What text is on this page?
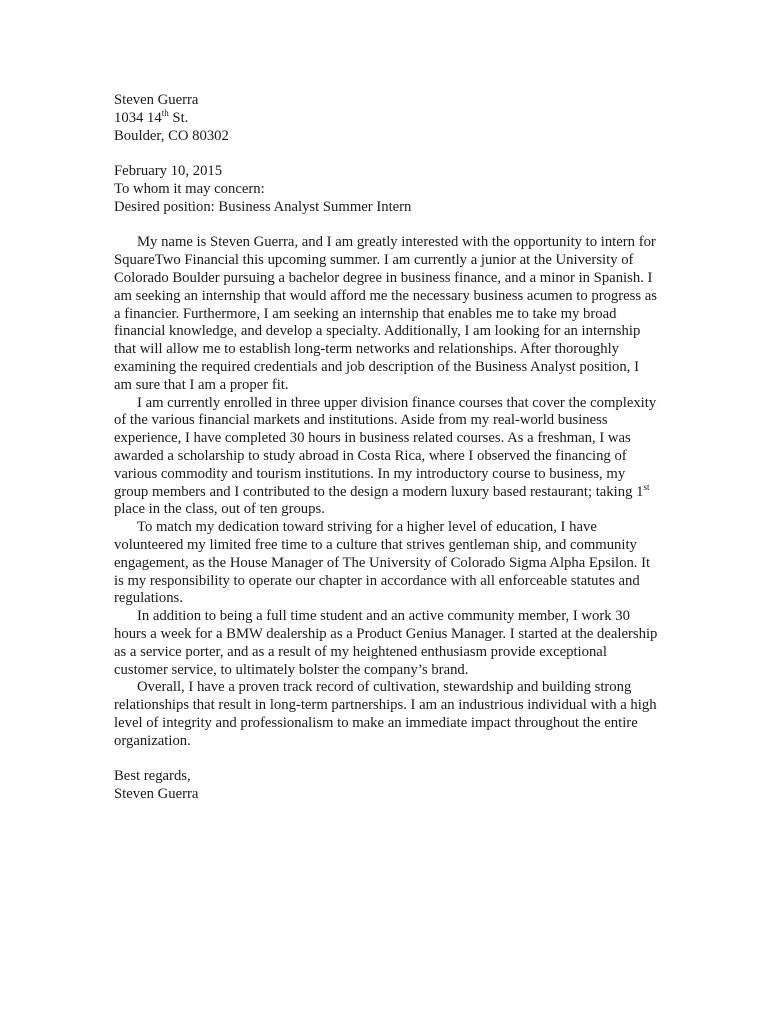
Steven Guerra
1034 14th St.
Boulder, CO 80302
February 10, 2015
To whom it may concern:
Desired position: Business Analyst Summer Intern

My name is Steven Guerra, and I am greatly interested with the opportunity to intern for SquareTwo Financial this upcoming summer. I am currently a junior at the University of Colorado Boulder pursuing a bachelor degree in business finance, and a minor in Spanish. I am seeking an internship that would afford me the necessary business acumen to progress as a financier. Furthermore, I am seeking an internship that enables me to take my broad financial knowledge, and develop a specialty. Additionally, I am looking for an internship that will allow me to establish long-term networks and relationships. After thoroughly examining the required credentials and job description of the Business Analyst position, I am sure that I am a proper fit.

I am currently enrolled in three upper division finance courses that cover the complexity of the various financial markets and institutions. Aside from my real-world business experience, I have completed 30 hours in business related courses. As a freshman, I was awarded a scholarship to study abroad in Costa Rica, where I observed the financing of various commodity and tourism institutions. In my introductory course to business, my group members and I contributed to the design a modern luxury based restaurant; taking 1st place in the class, out of ten groups.

To match my dedication toward striving for a higher level of education, I have volunteered my limited free time to a culture that strives gentleman ship, and community engagement, as the House Manager of The University of Colorado Sigma Alpha Epsilon. It is my responsibility to operate our chapter in accordance with all enforceable statutes and regulations.

In addition to being a full time student and an active community member, I work 30 hours a week for a BMW dealership as a Product Genius Manager. I started at the dealership as a service porter, and as a result of my heightened enthusiasm provide exceptional customer service, to ultimately bolster the company’s brand.

Overall, I have a proven track record of cultivation, stewardship and building strong relationships that result in long-term partnerships. I am an industrious individual with a high level of integrity and professionalism to make an immediate impact throughout the entire organization.

Best regards,
Steven Guerra
